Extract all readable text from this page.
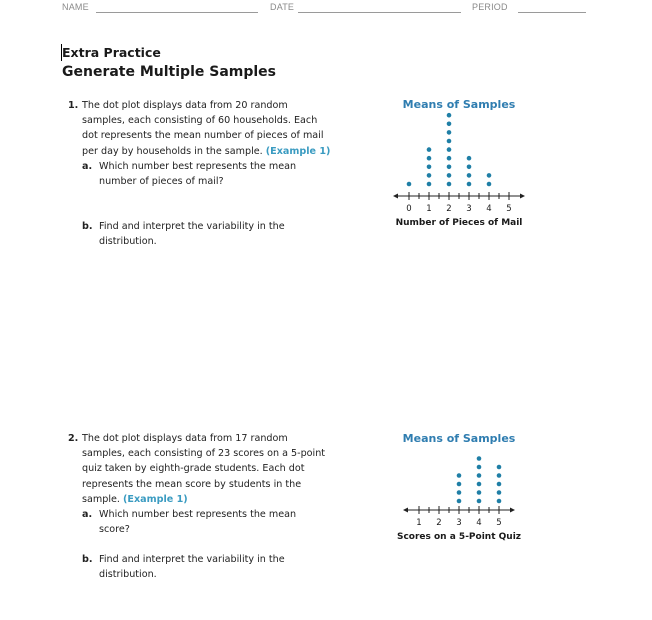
NAME	DATE	PERIOD
Extra Practice
Generate Multiple Samples
1. The dot plot displays data from 20 random
samples, each consisting of 60 households. Each
dot represents the mean number of pieces of mail
per day by households in the sample. (Example 1)
a. Which number best represents the mean
number of pieces of mail?
b. Find and interpret the variability in the
distribution.
2. The dot plot displays data from 17 random
samples, each consisting of 23 scores on a 5-point
quiz taken by eighth-grade students. Each dot
represents the mean score by students in the
sample. (Example 1)
a. Which number best represents the mean
score?
b. Find and interpret the variability in the
distribution.
Means of Samples
0 1 2 3 4 5
Number of Pieces of Mail
Means of Samples
1 2 3 4 5
Scores on a 5-Point Quiz
